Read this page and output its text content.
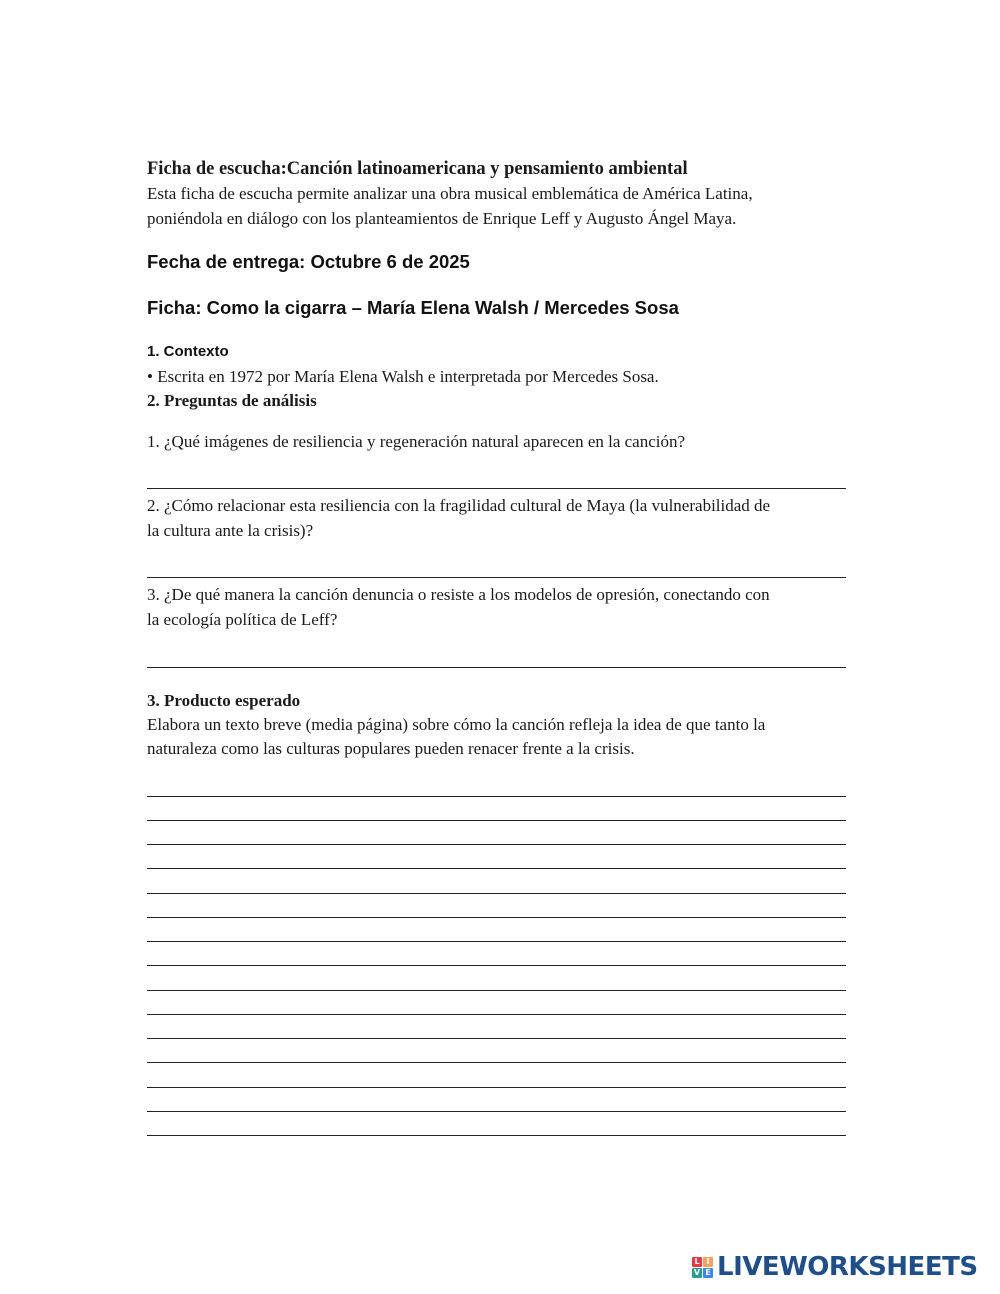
Ficha de escucha:Canción latinoamericana y pensamiento ambiental
Esta ficha de escucha permite analizar una obra musical emblemática de América Latina,
poniéndola en diálogo con los planteamientos de Enrique Leff y Augusto Ángel Maya.
Fecha de entrega: Octubre 6 de 2025
Ficha: Como la cigarra – María Elena Walsh / Mercedes Sosa
1. Contexto
• Escrita en 1972 por María Elena Walsh e interpretada por Mercedes Sosa.
2. Preguntas de análisis
1. ¿Qué imágenes de resiliencia y regeneración natural aparecen en la canción?
2. ¿Cómo relacionar esta resiliencia con la fragilidad cultural de Maya (la vulnerabilidad de
la cultura ante la crisis)?
3. ¿De qué manera la canción denuncia o resiste a los modelos de opresión, conectando con
la ecología política de Leff?
3. Producto esperado
Elabora un texto breve (media página) sobre cómo la canción refleja la idea de que tanto la
naturaleza como las culturas populares pueden renacer frente a la crisis.
L I
V E LIVEWORKSHEETS
